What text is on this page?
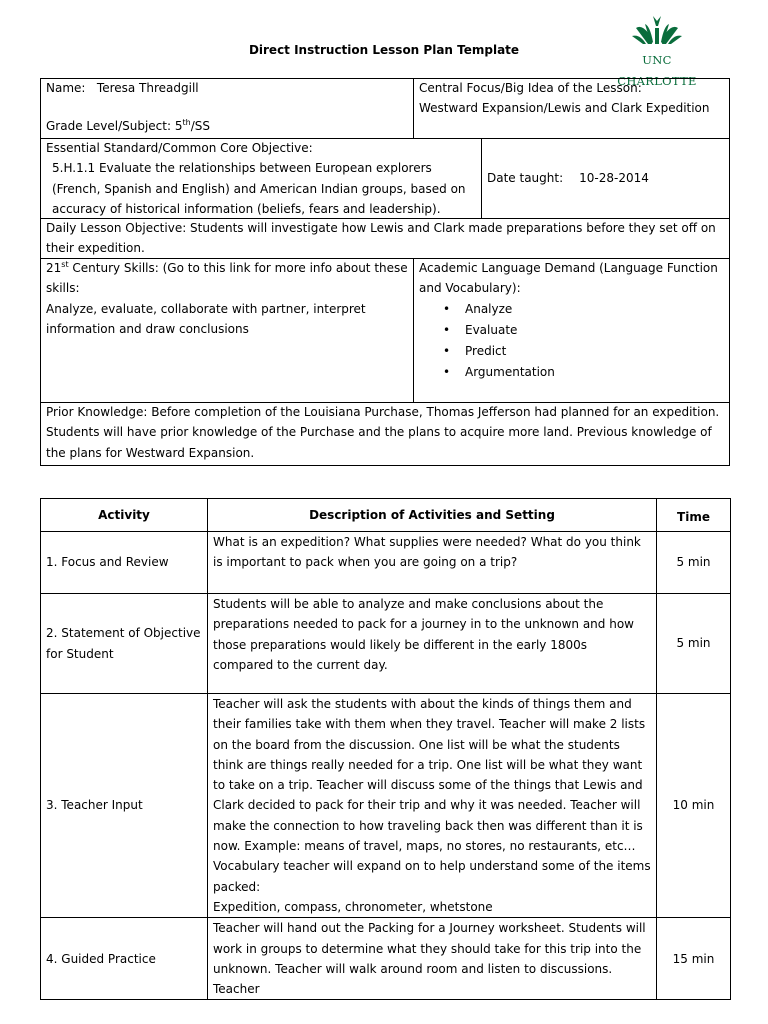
Direct Instruction Lesson Plan Template
UNC CHARLOTTE
Name: Teresa Threadgill
Grade Level/Subject: 5th/SS
Central Focus/Big Idea of the Lesson:
Westward Expansion/Lewis and Clark Expedition
Essential Standard/Common Core Objective:
5.H.1.1 Evaluate the relationships between European explorers (French, Spanish and English) and American Indian groups, based on accuracy of historical information (beliefs, fears and leadership).
Date taught: 10-28-2014
Daily Lesson Objective: Students will investigate how Lewis and Clark made preparations before they set off on their expedition.
21st Century Skills: (Go to this link for more info about these skills:
Analyze, evaluate, collaborate with partner, interpret information and draw conclusions
Academic Language Demand (Language Function and Vocabulary):
• Analyze
• Evaluate
• Predict
• Argumentation
Prior Knowledge: Before completion of the Louisiana Purchase, Thomas Jefferson had planned for an expedition. Students will have prior knowledge of the Purchase and the plans to acquire more land. Previous knowledge of the plans for Westward Expansion.
Activity	Description of Activities and Setting	Time
1. Focus and Review	What is an expedition? What supplies were needed? What do you think is important to pack when you are going on a trip?	5 min
2. Statement of Objective for Student	Students will be able to analyze and make conclusions about the preparations needed to pack for a journey in to the unknown and how those preparations would likely be different in the early 1800s compared to the current day.	5 min
3. Teacher Input	Teacher will ask the students with about the kinds of things them and their families take with them when they travel. Teacher will make 2 lists on the board from the discussion. One list will be what the students think are things really needed for a trip. One list will be what they want to take on a trip. Teacher will discuss some of the things that Lewis and Clark decided to pack for their trip and why it was needed. Teacher will make the connection to how traveling back then was different than it is now. Example: means of travel, maps, no stores, no restaurants, etc…
Vocabulary teacher will expand on to help understand some of the items packed:
Expedition, compass, chronometer, whetstone	10 min
4. Guided Practice	Teacher will hand out the Packing for a Journey worksheet. Students will work in groups to determine what they should take for this trip into the unknown. Teacher will walk around room and listen to discussions. Teacher	15 min
